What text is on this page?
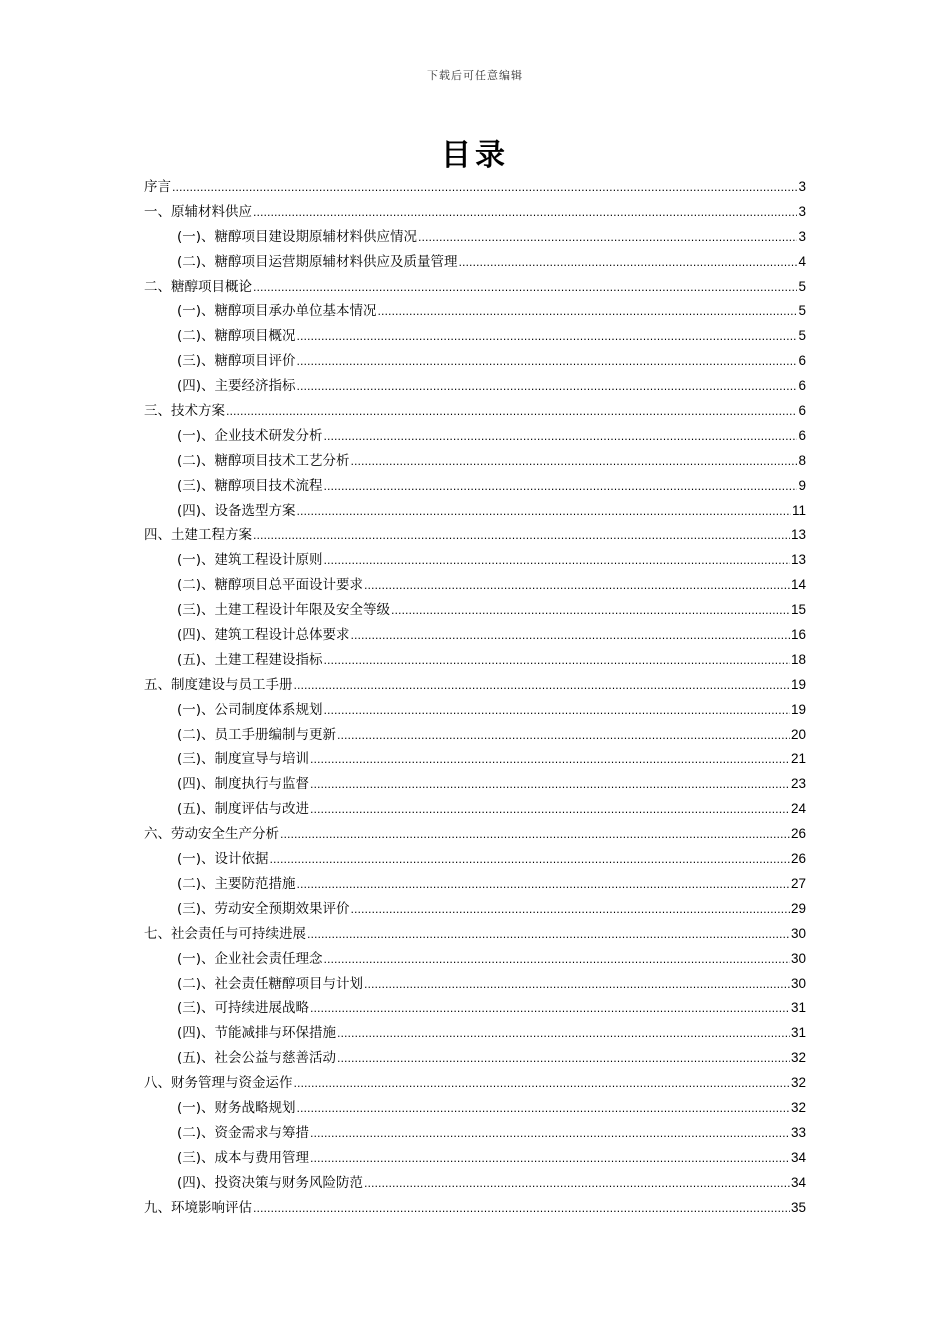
下载后可任意编辑
目录
序言 .....	3
一、原辅材料供应 .....	3
(一)、糖醇项目建设期原辅材料供应情况 .....	3
(二)、糖醇项目运营期原辅材料供应及质量管理 .....	4
二、糖醇项目概论 .....	5
(一)、糖醇项目承办单位基本情况 .....	5
(二)、糖醇项目概况 .....	5
(三)、糖醇项目评价 .....	6
(四)、主要经济指标 .....	6
三、技术方案 .....	6
(一)、企业技术研发分析 .....	6
(二)、糖醇项目技术工艺分析 .....	8
(三)、糖醇项目技术流程 .....	9
(四)、设备选型方案 .....	11
四、土建工程方案 .....	13
(一)、建筑工程设计原则 .....	13
(二)、糖醇项目总平面设计要求 .....	14
(三)、土建工程设计年限及安全等级 .....	15
(四)、建筑工程设计总体要求 .....	16
(五)、土建工程建设指标 .....	18
五、制度建设与员工手册 .....	19
(一)、公司制度体系规划 .....	19
(二)、员工手册编制与更新 .....	20
(三)、制度宣导与培训 .....	21
(四)、制度执行与监督 .....	23
(五)、制度评估与改进 .....	24
六、劳动安全生产分析 .....	26
(一)、设计依据 .....	26
(二)、主要防范措施 .....	27
(三)、劳动安全预期效果评价 .....	29
七、社会责任与可持续进展 .....	30
(一)、企业社会责任理念 .....	30
(二)、社会责任糖醇项目与计划 .....	30
(三)、可持续进展战略 .....	31
(四)、节能减排与环保措施 .....	31
(五)、社会公益与慈善活动 .....	32
八、财务管理与资金运作 .....	32
(一)、财务战略规划 .....	32
(二)、资金需求与筹措 .....	33
(三)、成本与费用管理 .....	34
(四)、投资决策与财务风险防范 .....	34
九、环境影响评估 .....	35
